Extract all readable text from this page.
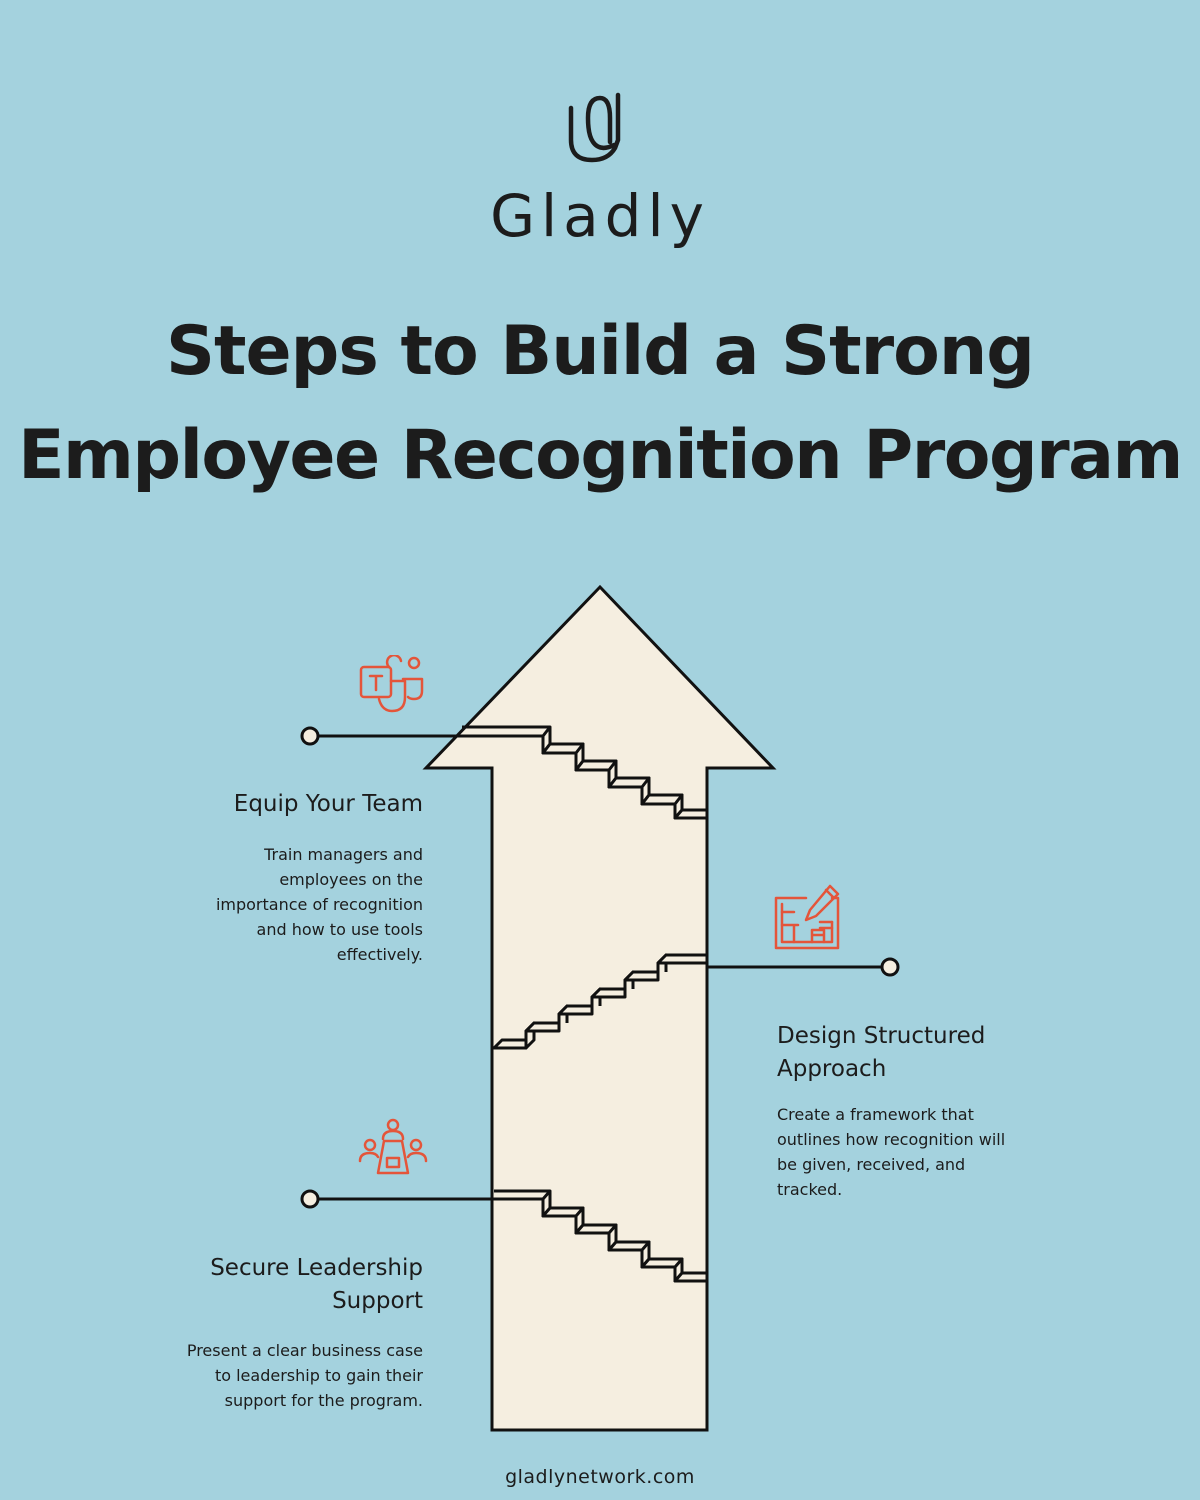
Gladly
Steps to Build a Strong
Employee Recognition Program
Equip Your Team
Train managers and
employees on the
importance of recognition
and how to use tools
effectively.
Design Structured
Approach
Create a framework that
outlines how recognition will
be given, received, and
tracked.
Secure Leadership
Support
Present a clear business case
to leadership to gain their
support for the program.
gladlynetwork.com
